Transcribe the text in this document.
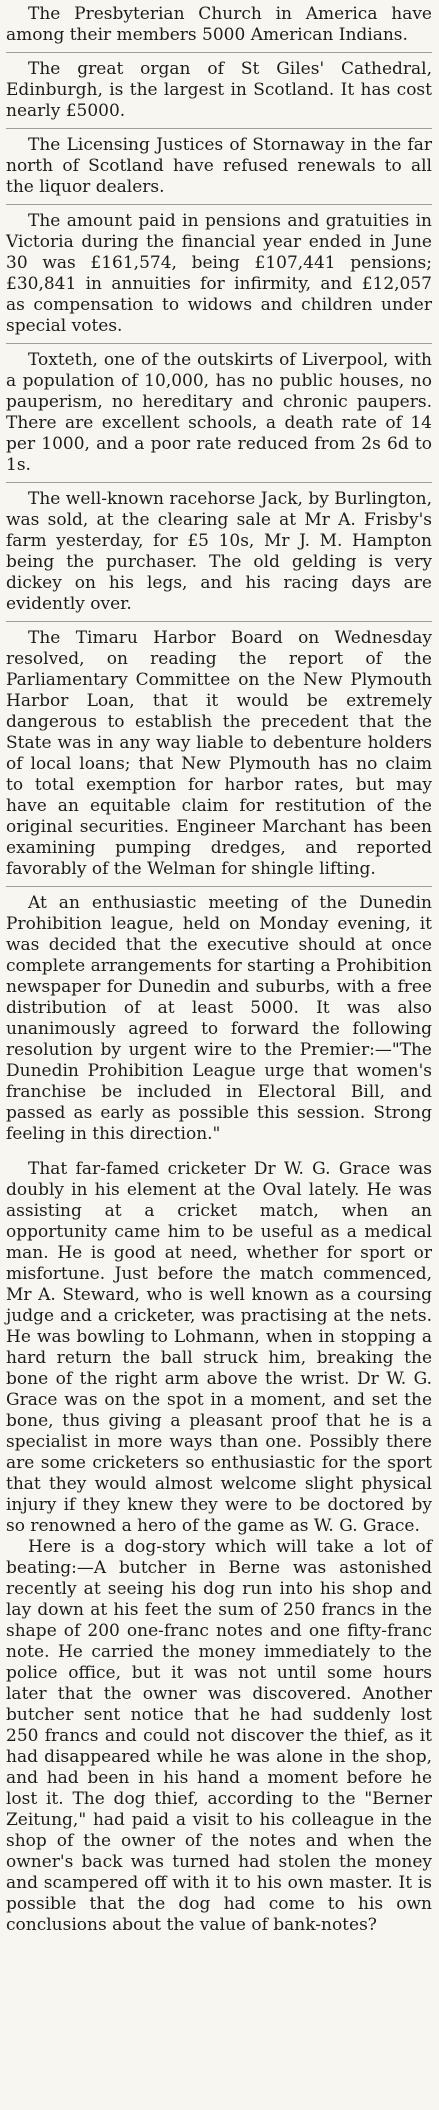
The Presbyterian Church in America have among their members 5000 American Indians.

The great organ of St Giles' Cathedral, Edinburgh, is the largest in Scotland. It has cost nearly £5000.

The Licensing Justices of Stornaway in the far north of Scotland have refused renewals to all the liquor dealers.

The amount paid in pensions and gratuities in Victoria during the financial year ended in June 30 was £161,574, being £107,441 pensions; £30,841 in annuities for infirmity, and £12,057 as compensation to widows and children under special votes.

Toxteth, one of the outskirts of Liverpool, with a population of 10,000, has no public houses, no pauperism, no hereditary and chronic paupers. There are excellent schools, a death rate of 14 per 1000, and a poor rate reduced from 2s 6d to 1s.

The well-known racehorse Jack, by Burlington, was sold, at the clearing sale at Mr A. Frisby's farm yesterday, for £5 10s, Mr J. M. Hampton being the purchaser. The old gelding is very dickey on his legs, and his racing days are evidently over.

The Timaru Harbor Board on Wednesday resolved, on reading the report of the Parliamentary Committee on the New Plymouth Harbor Loan, that it would be extremely dangerous to establish the precedent that the State was in any way liable to debenture holders of local loans; that New Plymouth has no claim to total exemption for harbor rates, but may have an equitable claim for restitution of the original securities. Engineer Marchant has been examining pumping dredges, and reported favorably of the Welman for shingle lifting.

At an enthusiastic meeting of the Dunedin Prohibition league, held on Monday evening, it was decided that the executive should at once complete arrangements for starting a Prohibition newspaper for Dunedin and suburbs, with a free distribution of at least 5000. It was also unanimously agreed to forward the following resolution by urgent wire to the Premier:—"The Dunedin Prohibition League urge that women's franchise be included in Electoral Bill, and passed as early as possible this session. Strong feeling in this direction."

That far-famed cricketer Dr W. G. Grace was doubly in his element at the Oval lately. He was assisting at a cricket match, when an opportunity came him to be useful as a medical man. He is good at need, whether for sport or misfortune. Just before the match commenced, Mr A. Steward, who is well known as a coursing judge and a cricketer, was practising at the nets. He was bowling to Lohmann, when in stopping a hard return the ball struck him, breaking the bone of the right arm above the wrist. Dr W. G. Grace was on the spot in a moment, and set the bone, thus giving a pleasant proof that he is a specialist in more ways than one. Possibly there are some cricketers so enthusiastic for the sport that they would almost welcome slight physical injury if they knew they were to be doctored by so renowned a hero of the game as W. G. Grace.

Here is a dog-story which will take a lot of beating:—A butcher in Berne was astonished recently at seeing his dog run into his shop and lay down at his feet the sum of 250 francs in the shape of 200 one-franc notes and one fifty-franc note. He carried the money immediately to the police office, but it was not until some hours later that the owner was discovered. Another butcher sent notice that he had suddenly lost 250 francs and could not discover the thief, as it had disappeared while he was alone in the shop, and had been in his hand a moment before he lost it. The dog thief, according to the "Berner Zeitung," had paid a visit to his colleague in the shop of the owner of the notes and when the owner's back was turned had stolen the money and scampered off with it to his own master. It is possible that the dog had come to his own conclusions about the value of bank-notes?
